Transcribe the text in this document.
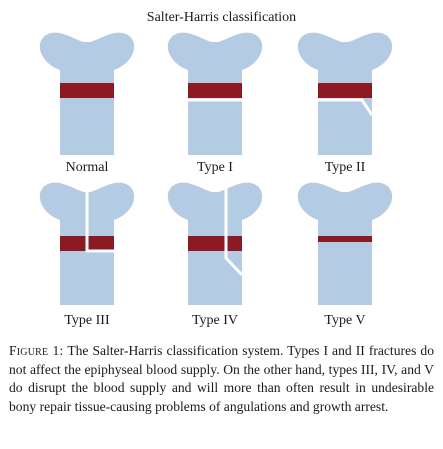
Salter-Harris classification
Normal	Type I	Type II
Type III	Type IV	Type V
Figure 1: The Salter-Harris classification system. Types I and II fractures do not affect the epiphyseal blood supply. On the other hand, types III, IV, and V do disrupt the blood supply and will more than often result in undesirable bony repair tissue-causing problems of angulations and growth arrest.
